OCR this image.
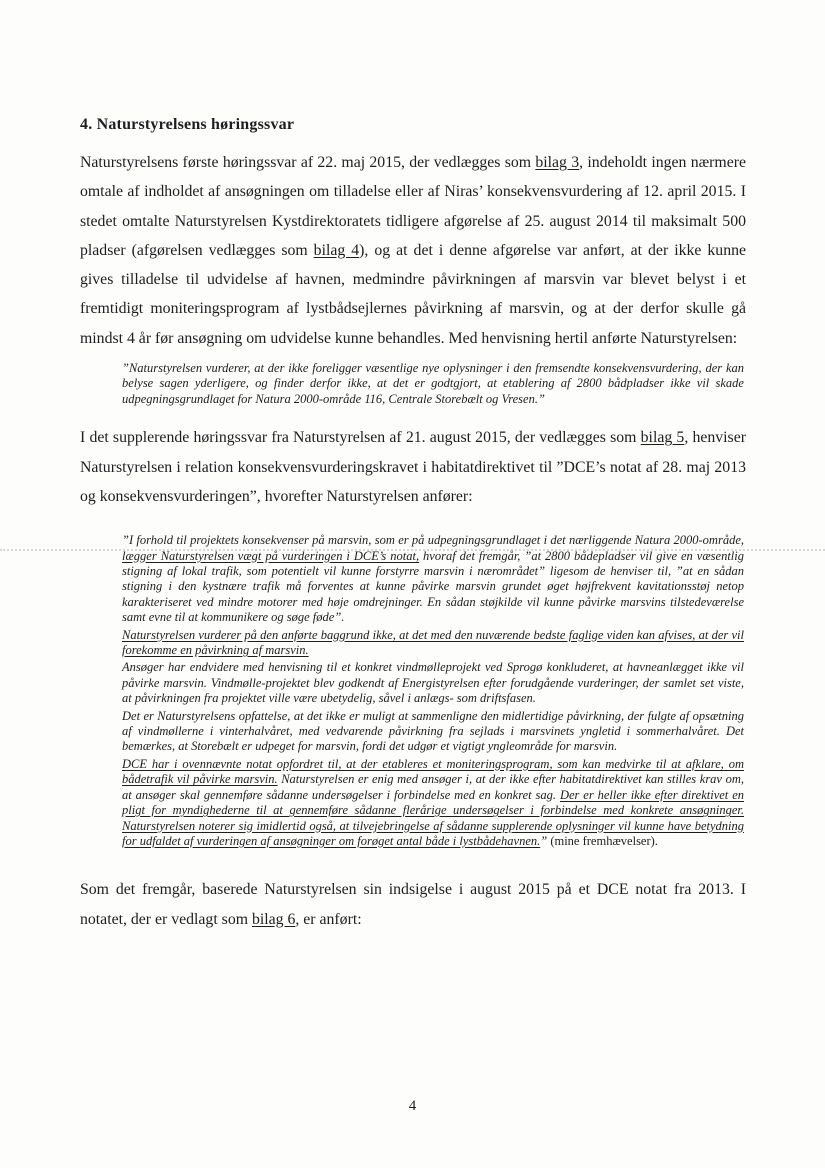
4. Naturstyrelsens høringssvar

Naturstyrelsens første høringssvar af 22. maj 2015, der vedlægges som bilag 3, indeholdt ingen nærmere omtale af indholdet af ansøgningen om tilladelse eller af Niras’ konsekvensvurdering af 12. april 2015. I stedet omtalte Naturstyrelsen Kystdirektoratets tidligere afgørelse af 25. august 2014 til maksimalt 500 pladser (afgørelsen vedlægges som bilag 4), og at det i denne afgørelse var anført, at der ikke kunne gives tilladelse til udvidelse af havnen, medmindre påvirkningen af marsvin var blevet belyst i et fremtidigt moniteringsprogram af lystbådsejlernes påvirkning af marsvin, og at der derfor skulle gå mindst 4 år før ansøgning om udvidelse kunne behandles. Med henvisning hertil anførte Naturstyrelsen:

”Naturstyrelsen vurderer, at der ikke foreligger væsentlige nye oplysninger i den fremsendte konsekvensvurdering, der kan belyse sagen yderligere, og finder derfor ikke, at det er godtgjort, at etablering af 2800 bådpladser ikke vil skade udpegningsgrundlaget for Natura 2000-område 116, Centrale Storebælt og Vresen.”

I det supplerende høringssvar fra Naturstyrelsen af 21. august 2015, der vedlægges som bilag 5, henviser Naturstyrelsen i relation konsekvensvurderingskravet i habitatdirektivet til ”DCE’s notat af 28. maj 2013 og konsekvensvurderingen”, hvorefter Naturstyrelsen anfører:

”I forhold til projektets konsekvenser på marsvin, som er på udpegningsgrundlaget i det nærliggende Natura 2000-område, lægger Naturstyrelsen vægt på vurderingen i DCE’s notat, hvoraf det fremgår, ”at 2800 bådepladser vil give en væsentlig stigning af lokal trafik, som potentielt vil kunne forstyrre marsvin i nærområdet” ligesom de henviser til, ”at en sådan stigning i den kystnære trafik må forventes at kunne påvirke marsvin grundet øget højfrekvent kavitationsstøj netop karakteriseret ved mindre motorer med høje omdrejninger. En sådan støjkilde vil kunne påvirke marsvins tilstedeværelse samt evne til at kommunikere og søge føde”.

Naturstyrelsen vurderer på den anførte baggrund ikke, at det med den nuværende bedste faglige viden kan afvises, at der vil forekomme en påvirkning af marsvin.

Ansøger har endvidere med henvisning til et konkret vindmølleprojekt ved Sprogø konkluderet, at havneanlægget ikke vil påvirke marsvin. Vindmølle-projektet blev godkendt af Energistyrelsen efter forudgående vurderinger, der samlet set viste, at påvirkningen fra projektet ville være ubetydelig, såvel i anlægs- som driftsfasen.

Det er Naturstyrelsens opfattelse, at det ikke er muligt at sammenligne den midlertidige påvirkning, der fulgte af opsætning af vindmøllerne i vinterhalvåret, med vedvarende påvirkning fra sejlads i marsvinets yngletid i sommerhalvåret. Det bemærkes, at Storebælt er udpeget for marsvin, fordi det udgør et vigtigt yngleområde for marsvin.

DCE har i ovennævnte notat opfordret til, at der etableres et moniteringsprogram, som kan medvirke til at afklare, om bådetrafik vil påvirke marsvin. Naturstyrelsen er enig med ansøger i, at der ikke efter habitatdirektivet kan stilles krav om, at ansøger skal gennemføre sådanne undersøgelser i forbindelse med en konkret sag. Der er heller ikke efter direktivet en pligt for myndighederne til at gennemføre sådanne flerårige undersøgelser i forbindelse med konkrete ansøgninger. Naturstyrelsen noterer sig imidlertid også, at tilvejebringelse af sådanne supplerende oplysninger vil kunne have betydning for udfaldet af vurderingen af ansøgninger om forøget antal både i lystbådehavnen.” (mine fremhævelser).

Som det fremgår, baserede Naturstyrelsen sin indsigelse i august 2015 på et DCE notat fra 2013. I notatet, der er vedlagt som bilag 6, er anført:

4
